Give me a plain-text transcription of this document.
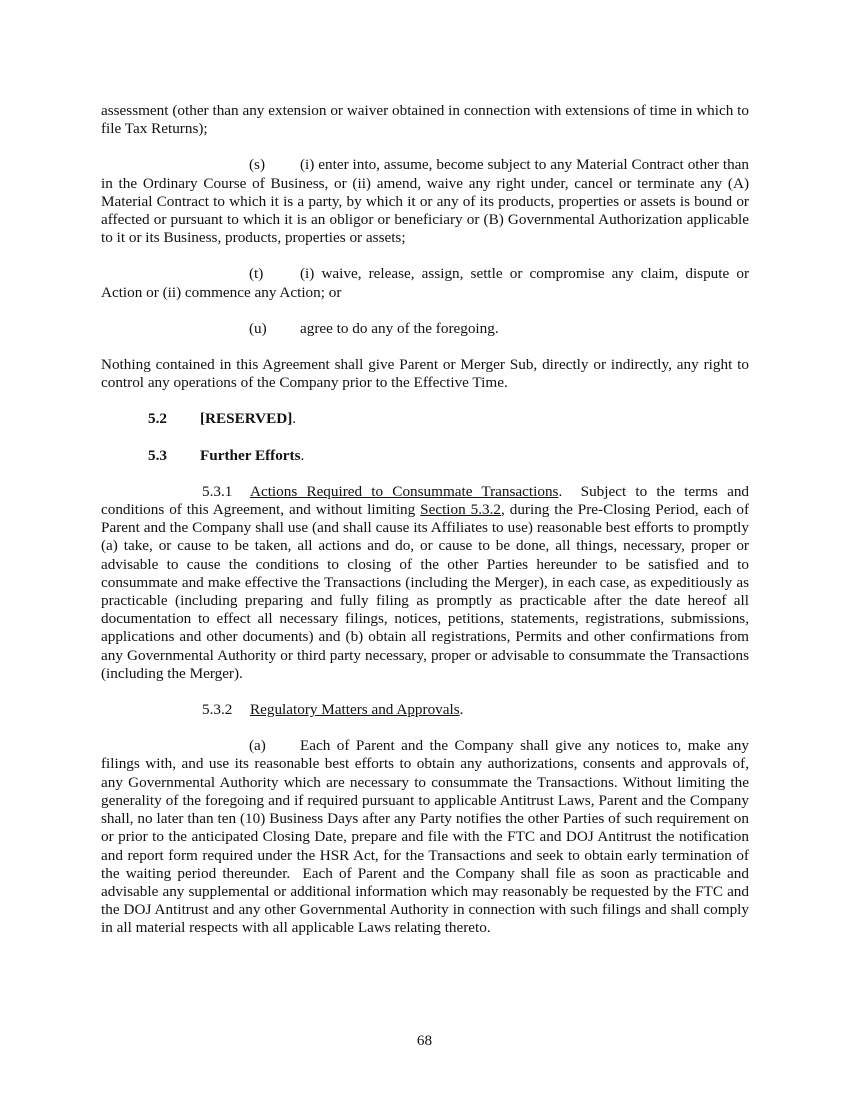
assessment (other than any extension or waiver obtained in connection with extensions of time in which to file Tax Returns);

(s) (i) enter into, assume, become subject to any Material Contract other than in the Ordinary Course of Business, or (ii) amend, waive any right under, cancel or terminate any (A) Material Contract to which it is a party, by which it or any of its products, properties or assets is bound or affected or pursuant to which it is an obligor or beneficiary or (B) Governmental Authorization applicable to it or its Business, products, properties or assets;

(t) (i) waive, release, assign, settle or compromise any claim, dispute or Action or (ii) commence any Action; or

(u) agree to do any of the foregoing.

Nothing contained in this Agreement shall give Parent or Merger Sub, directly or indirectly, any right to control any operations of the Company prior to the Effective Time.

5.2 [RESERVED].

5.3 Further Efforts.

5.3.1 Actions Required to Consummate Transactions.  Subject to the terms and conditions of this Agreement, and without limiting Section 5.3.2, during the Pre-Closing Period, each of Parent and the Company shall use (and shall cause its Affiliates to use) reasonable best efforts to promptly (a) take, or cause to be taken, all actions and do, or cause to be done, all things, necessary, proper or advisable to cause the conditions to closing of the other Parties hereunder to be satisfied and to consummate and make effective the Transactions (including the Merger), in each case, as expeditiously as practicable (including preparing and fully filing as promptly as practicable after the date hereof all documentation to effect all necessary filings, notices, petitions, statements, registrations, submissions, applications and other documents) and (b) obtain all registrations, Permits and other confirmations from any Governmental Authority or third party necessary, proper or advisable to consummate the Transactions (including the Merger).

5.3.2 Regulatory Matters and Approvals.

(a) Each of Parent and the Company shall give any notices to, make any filings with, and use its reasonable best efforts to obtain any authorizations, consents and approvals of, any Governmental Authority which are necessary to consummate the Transactions. Without limiting the generality of the foregoing and if required pursuant to applicable Antitrust Laws, Parent and the Company shall, no later than ten (10) Business Days after any Party notifies the other Parties of such requirement on or prior to the anticipated Closing Date, prepare and file with the FTC and DOJ Antitrust the notification and report form required under the HSR Act, for the Transactions and seek to obtain early termination of the waiting period thereunder.  Each of Parent and the Company shall file as soon as practicable and advisable any supplemental or additional information which may reasonably be requested by the FTC and the DOJ Antitrust and any other Governmental Authority in connection with such filings and shall comply in all material respects with all applicable Laws relating thereto.

68
